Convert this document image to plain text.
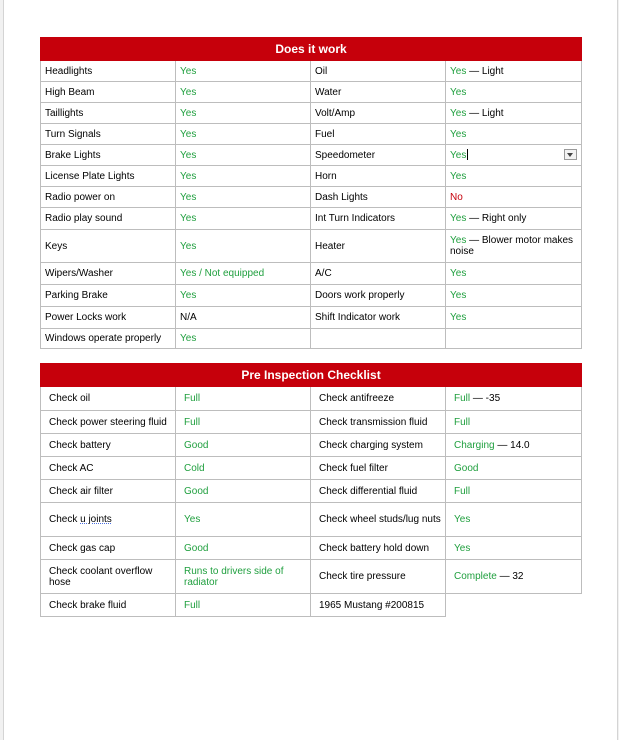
Does it work			
Headlights	Yes	Oil	Yes — Light
High Beam	Yes	Water	Yes
Taillights	Yes	Volt/Amp	Yes — Light
Turn Signals	Yes	Fuel	Yes
Brake Lights	Yes	Speedometer	Yes
License Plate Lights	Yes	Horn	Yes
Radio power on	Yes	Dash Lights	No
Radio play sound	Yes	Int Turn Indicators	Yes — Right only
Keys	Yes	Heater	Yes — Blower motor makes noise
Wipers/Washer	Yes / Not equipped	A/C	Yes
Parking Brake	Yes	Doors work properly	Yes
Power Locks work	N/A	Shift Indicator work	Yes
Windows operate properly	Yes		
Pre Inspection Checklist			
Check oil	Full	Check antifreeze	Full — -35
Check power steering fluid	Full	Check transmission fluid	Full
Check battery	Good	Check charging system	Charging — 14.0
Check AC	Cold	Check fuel filter	Good
Check air filter	Good	Check differential fluid	Full
Check u joints	Yes	Check wheel studs/lug nuts	Yes
Check gas cap	Good	Check battery hold down	Yes
Check coolant overflow hose	Runs to drivers side of radiator	Check tire pressure	Complete — 32
Check brake fluid	Full	1965 Mustang #200815	
